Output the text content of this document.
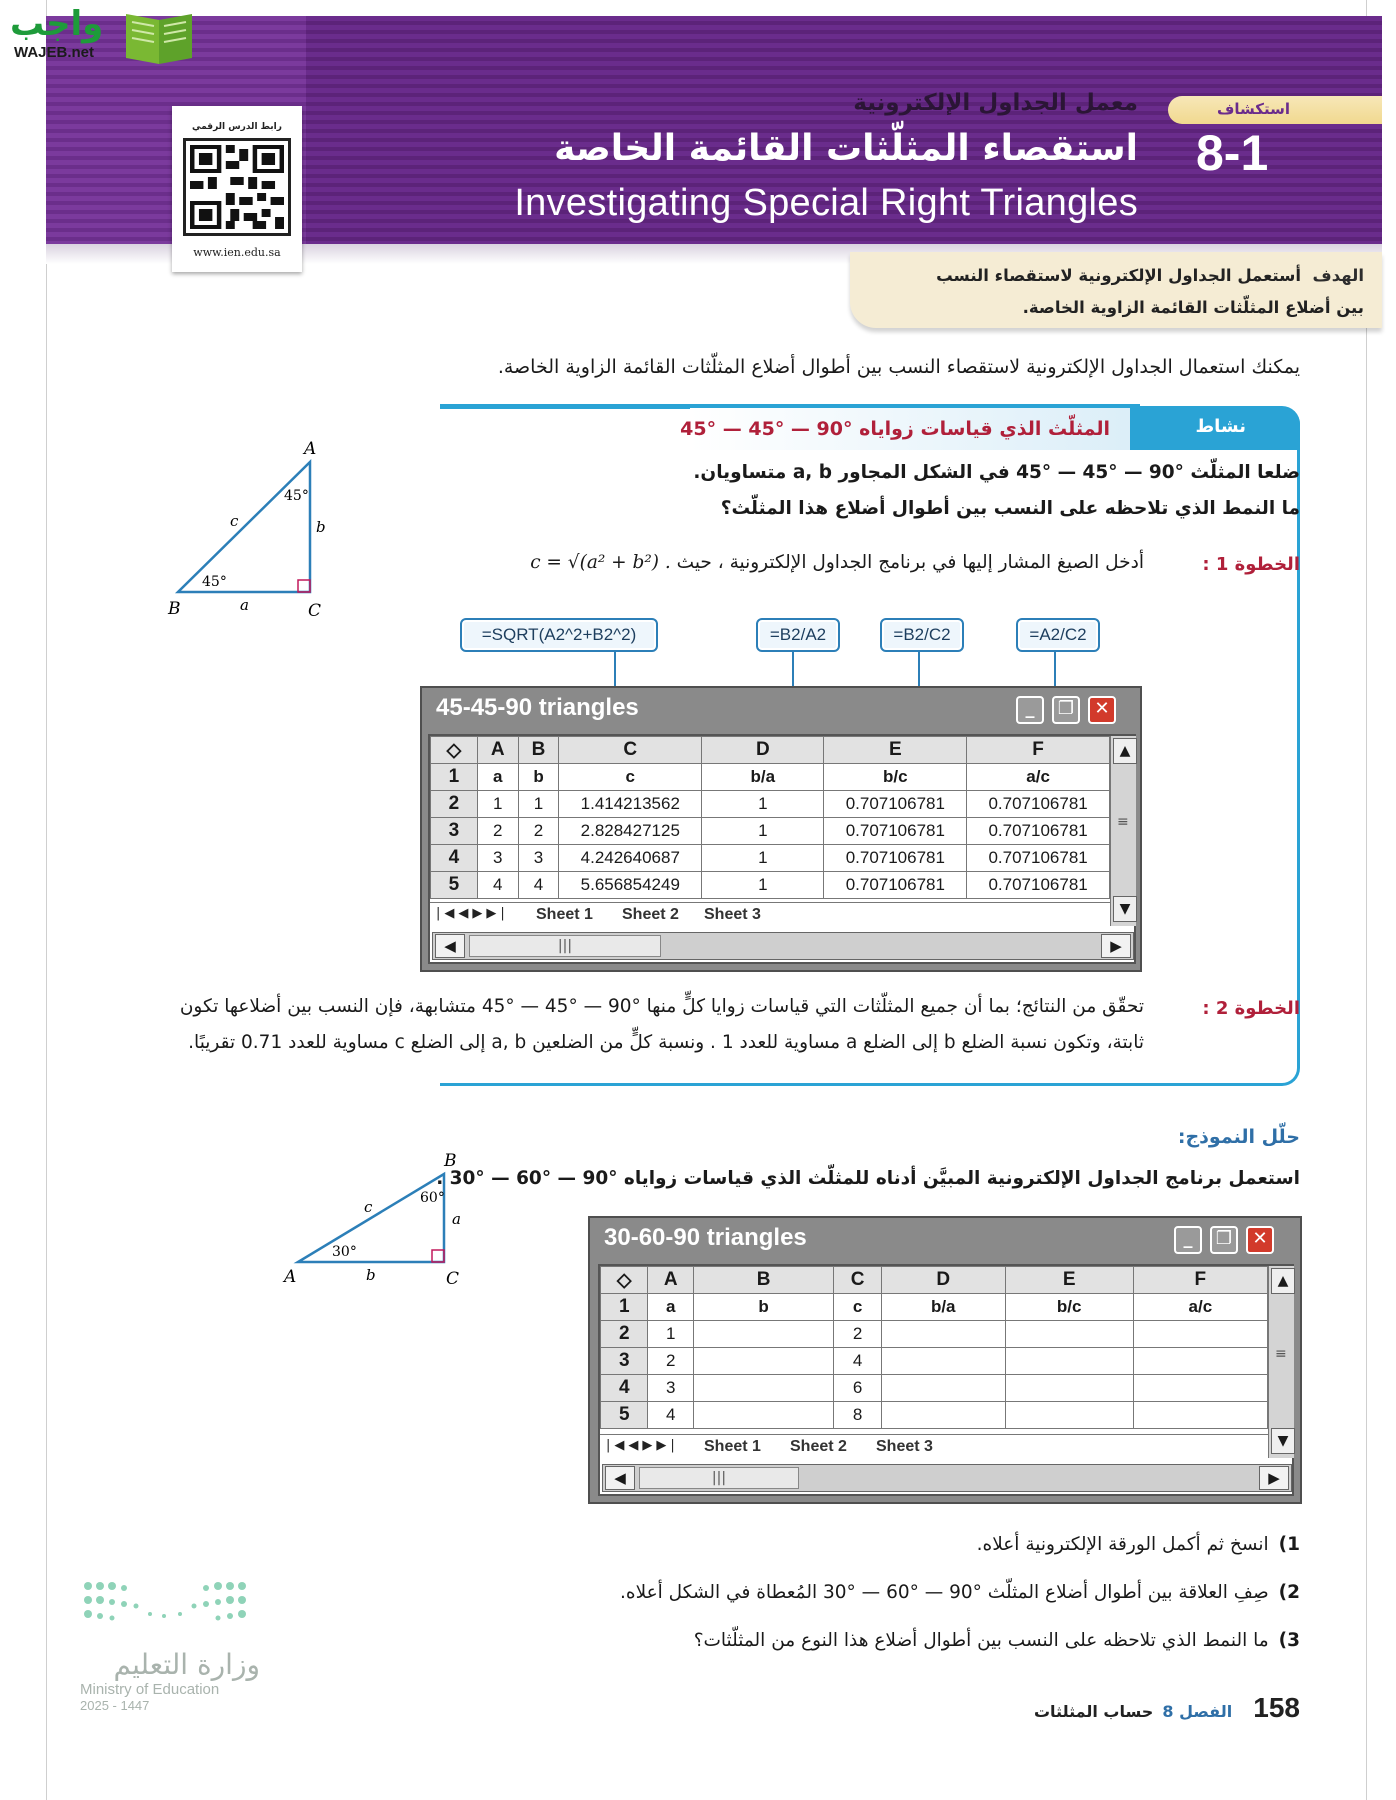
واجب
WAJEB.net
رابط الدرس الرقمي
www.ien.edu.sa
استكشاف
8-1
معمل الجداول الإلكترونية
استقصاء المثلّثات القائمة الخاصة
Investigating Special Right Triangles
الهدف  أستعمل الجداول الإلكترونية لاستقصاء النسب
بين أضلاع المثلّثات القائمة الزاوية الخاصة.
يمكنك استعمال الجداول الإلكترونية لاستقصاء النسب بين أطوال أضلاع المثلّثات القائمة الزاوية الخاصة.
نشاط
المثلّث الذي قياسات زواياه °90 — °45 — °45
A
B	C
a
b
c
45°
45°
ضلعا المثلّث °90 — °45 — °45 في الشكل المجاور a, b متساويان.
ما النمط الذي تلاحظه على النسب بين أطوال أضلاع هذا المثلّث؟
الخطوة 1 :
أدخل الصيغ المشار إليها في برنامج الجداول الإلكترونية ، حيث c = √(a² + b²) .
=SQRT(A2^2+B2^2)	=B2/A2	=B2/C2	=A2/C2
45-45-90 triangles	_	❐	✕
◇	A	B	C	D	E	F
1	a	b	c	b/a	b/c	a/c
2	1	1	1.414213562	1	0.707106781	0.707106781
3	2	2	2.828427125	1	0.707106781	0.707106781
4	3	3	4.242640687	1	0.707106781	0.707106781
5	4	4	5.656854249	1	0.707106781	0.707106781
▲
≡
▼
|◀◀▶▶| Sheet 1 Sheet 2 Sheet 3
◀	|||	▶
الخطوة 2 :
تحقّق من النتائج؛ بما أن جميع المثلّثات التي قياسات زوايا كلٍّ منها °90 — °45 — °45 متشابهة، فإن النسب بين أضلاعها تكون
ثابتة، وتكون نسبة الضلع b إلى الضلع a مساوية للعدد 1 . ونسبة كلٍّ من الضلعين a, b إلى الضلع c مساوية للعدد 0.71 تقريبًا.
حلّل النموذج:
استعمل برنامج الجداول الإلكترونية المبيَّن أدناه للمثلّث الذي قياسات زواياه °90 — °60 — °30 .
B
A	C
b
a
c	60°
30°
30-60-90 triangles	_	❐	✕
◇	A	B	C	D	E	F
1	a	b	c	b/a	b/c	a/c
2	1		2			
3	2		4			
4	3		6			
5	4		8			
▲
≡
▼
|◀◀▶▶| Sheet 1 Sheet 2 Sheet 3
◀	|||	▶
1)انسخ ثم أكمل الورقة الإلكترونية أعلاه.
2)صِفِ العلاقة بين أطوال أضلاع المثلّث °90 — °60 — °30 المُعطاة في الشكل أعلاه.
3)ما النمط الذي تلاحظه على النسب بين أطوال أضلاع هذا النوع من المثلّثات؟
وزارة التعليم
Ministry of Education
2025 - 1447	158 الفصل 8 حساب المثلثات
